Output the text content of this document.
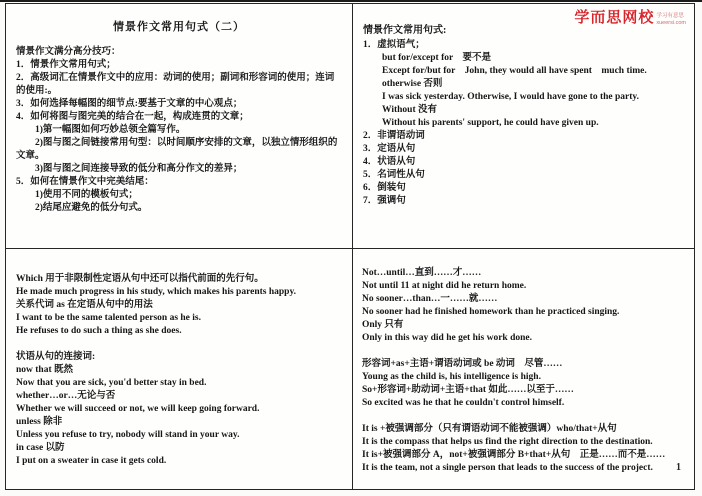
情景作文常用句式（二）
情景作文满分高分技巧：
1．情景作文常用句式；
2．高级词汇在情景作文中的应用：动词的使用；副词和形容词的使用；连词的使用:。
3．如何选择每幅图的细节点:要基于文章的中心观点；
4．如何将图与图完美的结合在一起，构成连贯的文章；
　　1)第一幅图如何巧妙总领全篇写作。
　　2)图与图之间链接常用句型：以时间顺序安排的文章，以独立情形组织的文章。
　　3)图与图之间连接导致的低分和高分作文的差异；
5．如何在情景作文中完美结尾：
　　1)使用不同的模板句式；
　　2)结尾应避免的低分句式。
学而思网校 学习有意思
xueersi.com
情景作文常用句式:
1．虚拟语气；
　　but for/except for　要不是
　　Except for/but for　John, they would all have spent　much time.
　　otherwise 否则
　　I was sick yesterday. Otherwise, I would have gone to the party.
　　Without 没有
　　Without his parents' support, he could have given up.
2．非谓语动词
3．定语从句
4．状语从句
5．名词性从句
6．倒装句
7．强调句
Which 用于非限制性定语从句中还可以指代前面的先行句。
He made much progress in his study, which makes his parents happy.
关系代词 as 在定语从句中的用法
I want to be the same talented person as he is.
He refuses to do such a thing as she does.

状语从句的连接词:
now that 既然
Now that you are sick, you'd better stay in bed.
whether…or…无论与否
Whether we will succeed or not, we will keep going forward.
unless 除非
Unless you refuse to try, nobody will stand in your way.
in case 以防
I put on a sweater in case it gets cold.
Not…until…直到……才……
Not until 11 at night did he return home.
No sooner…than…一……就……
No sooner had he finished homework than he practiced singing.
Only 只有
Only in this way did he get his work done.

形容词+as+主语+谓语动词或 be 动词　尽管……
Young as the child is, his intelligence is high.
So+形容词+助动词+主语+that 如此……以至于……
So excited was he that he couldn't control himself.

It is +被强调部分（只有谓语动词不能被强调）who/that+从句
It is the compass that helps us find the right direction to the destination.
It is+被强调部分 A，not+被强调部分 B+that+从句　正是……而不是……
It is the team, not a single person that leads to the success of the project.	1
